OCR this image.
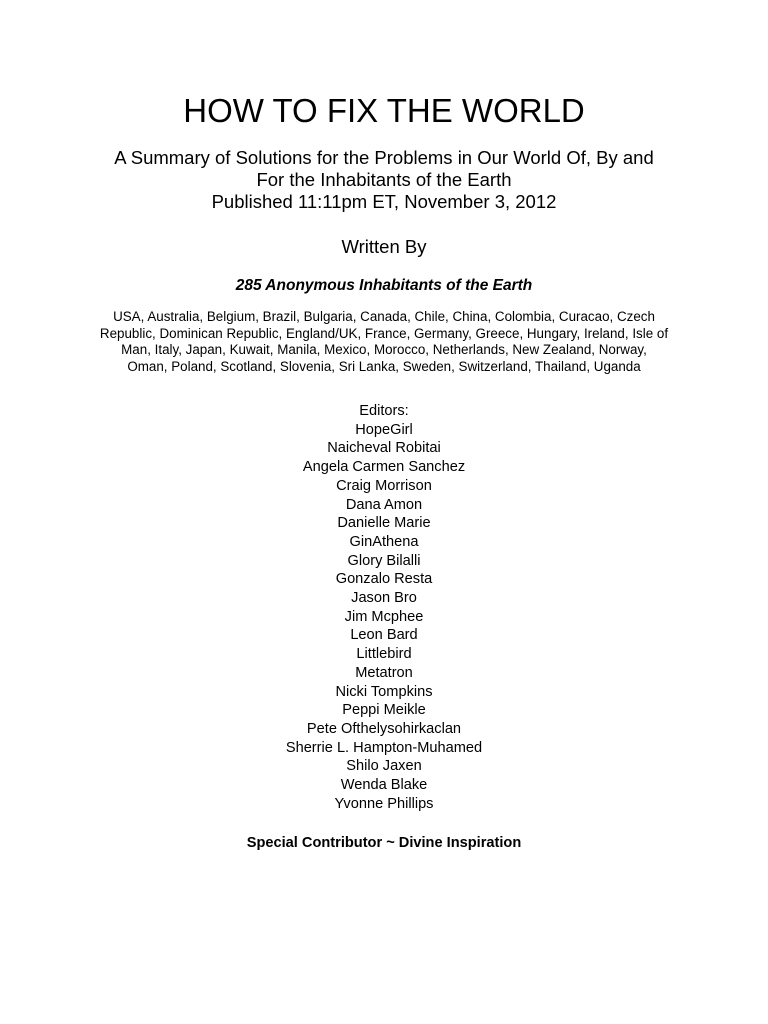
HOW TO FIX THE WORLD
A Summary of Solutions for the Problems in Our World Of, By and
For the Inhabitants of the Earth
Published 11:11pm ET, November 3, 2012
Written By
285 Anonymous Inhabitants of the Earth
USA, Australia, Belgium, Brazil, Bulgaria, Canada, Chile, China, Colombia, Curacao, Czech
Republic, Dominican Republic, England/UK, France, Germany, Greece, Hungary, Ireland, Isle of
Man, Italy, Japan, Kuwait, Manila, Mexico, Morocco, Netherlands, New Zealand, Norway,
Oman, Poland, Scotland, Slovenia, Sri Lanka, Sweden, Switzerland, Thailand, Uganda
Editors:
HopeGirl
Naicheval Robitai
Angela Carmen Sanchez
Craig Morrison
Dana Amon
Danielle Marie
GinAthena
Glory Bilalli
Gonzalo Resta
Jason Bro
Jim Mcphee
Leon Bard
Littlebird
Metatron
Nicki Tompkins
Peppi Meikle
Pete Ofthelysohirkaclan
Sherrie L. Hampton-Muhamed
Shilo Jaxen
Wenda Blake
Yvonne Phillips
Special Contributor ~ Divine Inspiration
